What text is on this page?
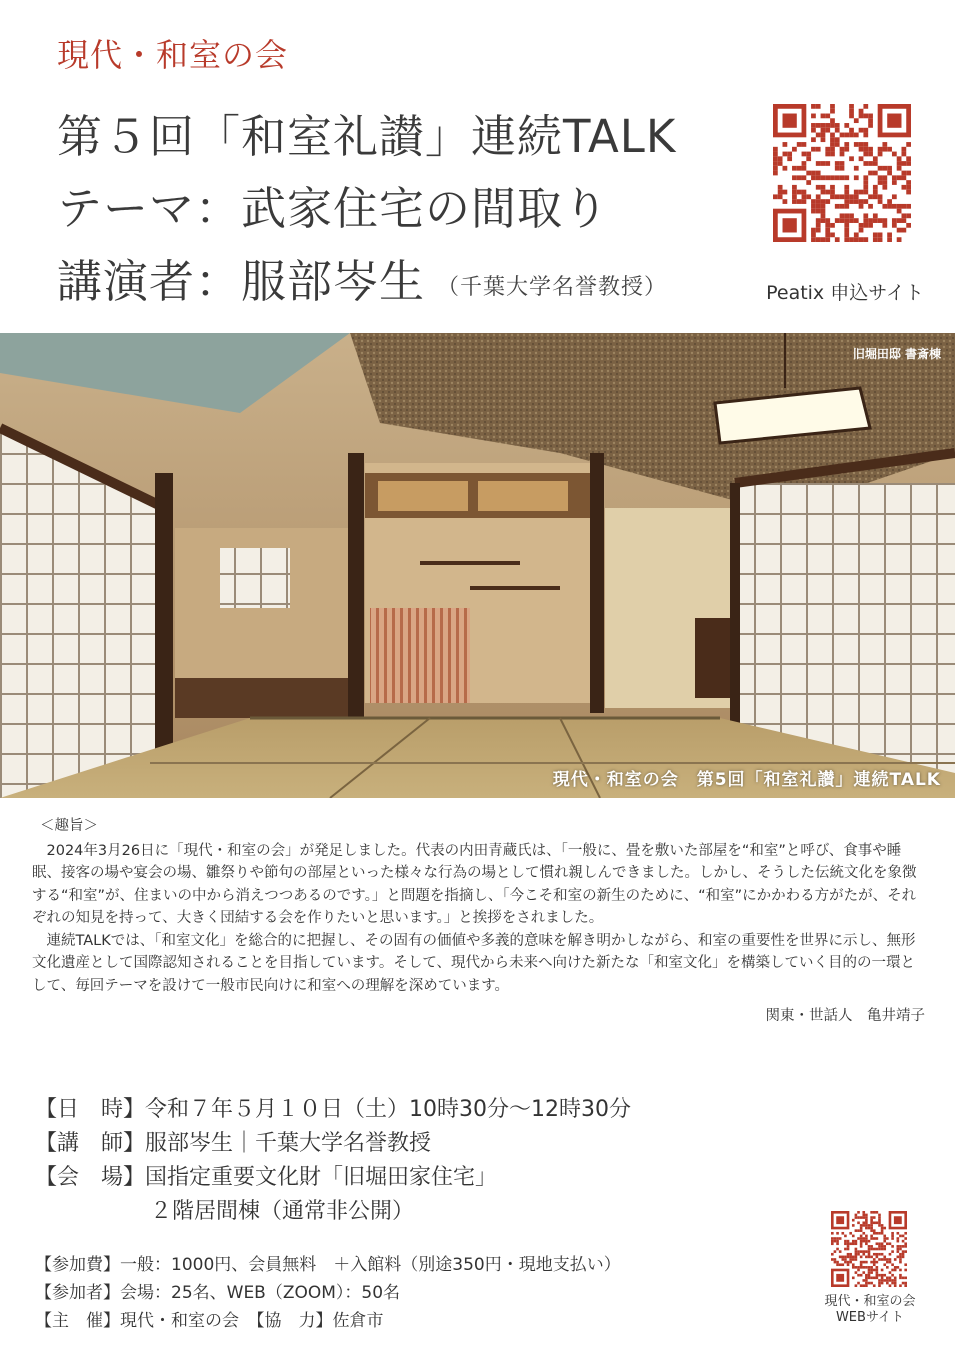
現代・和室の会
第５回「和室礼讃」連続TALK
テーマ：武家住宅の間取り
講演者：服部岑生 （千葉大学名誉教授）	Peatix 申込サイト
旧堀田邸 書斎棟
現代・和室の会　第5回「和室礼讃」連続TALK

＜趣旨＞

2024年3月26日に「現代・和室の会」が発足しました。代表の内田青蔵氏は、「一般に、畳を敷いた部屋を“和室”と呼び、食事や睡眠、接客の場や宴会の場、雛祭りや節句の部屋といった様々な行為の場として慣れ親しんできました。しかし、そうした伝統文化を象徴する“和室”が、住まいの中から消えつつあるのです。」と問題を指摘し、「今こそ和室の新生のために、“和室”にかかわる方がたが、それぞれの知見を持って、大きく団結する会を作りたいと思います。」と挨拶をされました。

連続TALKでは、「和室文化」を総合的に把握し、その固有の価値や多義的意味を解き明かしながら、和室の重要性を世界に示し、無形文化遺産として国際認知されることを目指しています。そして、現代から未来へ向けた新たな「和室文化」を構築していく目的の一環として、毎回テーマを設けて一般市民向けに和室への理解を深めています。

関東・世話人　亀井靖子

【日　時】令和７年５月１０日（土）10時30分～12時30分
【講　師】服部岑生｜千葉大学名誉教授
【会　場】国指定重要文化財「旧堀田家住宅」
２階居間棟（通常非公開）
【参加費】一般：1000円、会員無料　＋入館料（別途350円・現地支払い）
【参加者】会場：25名、WEB（ZOOM）：50名
【主　催】現代・和室の会　【協　力】佐倉市
現代・和室の会
WEBサイト
